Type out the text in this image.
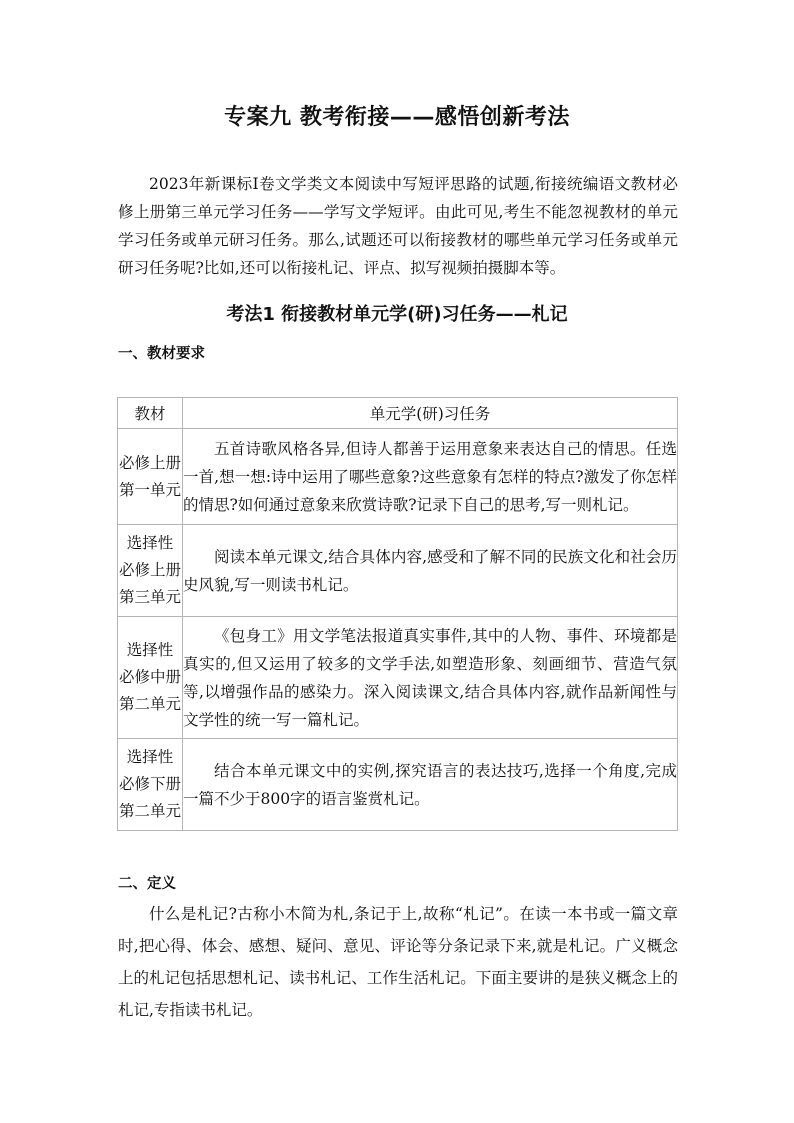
专案九 教考衔接——感悟创新考法

2023年新课标Ⅰ卷文学类文本阅读中写短评思路的试题,衔接统编语文教材必修上册第三单元学习任务——学写文学短评。由此可见,考生不能忽视教材的单元学习任务或单元研习任务。那么,试题还可以衔接教材的哪些单元学习任务或单元研习任务呢?比如,还可以衔接札记、评点、拟写视频拍摄脚本等。

考法1 衔接教材单元学(研)习任务——札记
一、教材要求
教材	单元学(研)习任务

必修上册
第一单元	五首诗歌风格各异,但诗人都善于运用意象来表达自己的情思。任选一首,想一想:诗中运用了哪些意象?这些意象有怎样的特点?激发了你怎样的情思?如何通过意象来欣赏诗歌?记录下自己的思考,写一则札记。

选择性
必修上册
第三单元	阅读本单元课文,结合具体内容,感受和了解不同的民族文化和社会历史风貌,写一则读书札记。

选择性
必修中册
第二单元	《包身工》用文学笔法报道真实事件,其中的人物、事件、环境都是真实的,但又运用了较多的文学手法,如塑造形象、刻画细节、营造气氛等,以增强作品的感染力。深入阅读课文,结合具体内容,就作品新闻性与文学性的统一写一篇札记。

选择性
必修下册
第二单元	结合本单元课文中的实例,探究语言的表达技巧,选择一个角度,完成一篇不少于800字的语言鉴赏札记。
二、定义

什么是札记?古称小木简为札,条记于上,故称“札记”。在读一本书或一篇文章时,把心得、体会、感想、疑问、意见、评论等分条记录下来,就是札记。广义概念上的札记包括思想札记、读书札记、工作生活札记。下面主要讲的是狭义概念上的札记,专指读书札记。
